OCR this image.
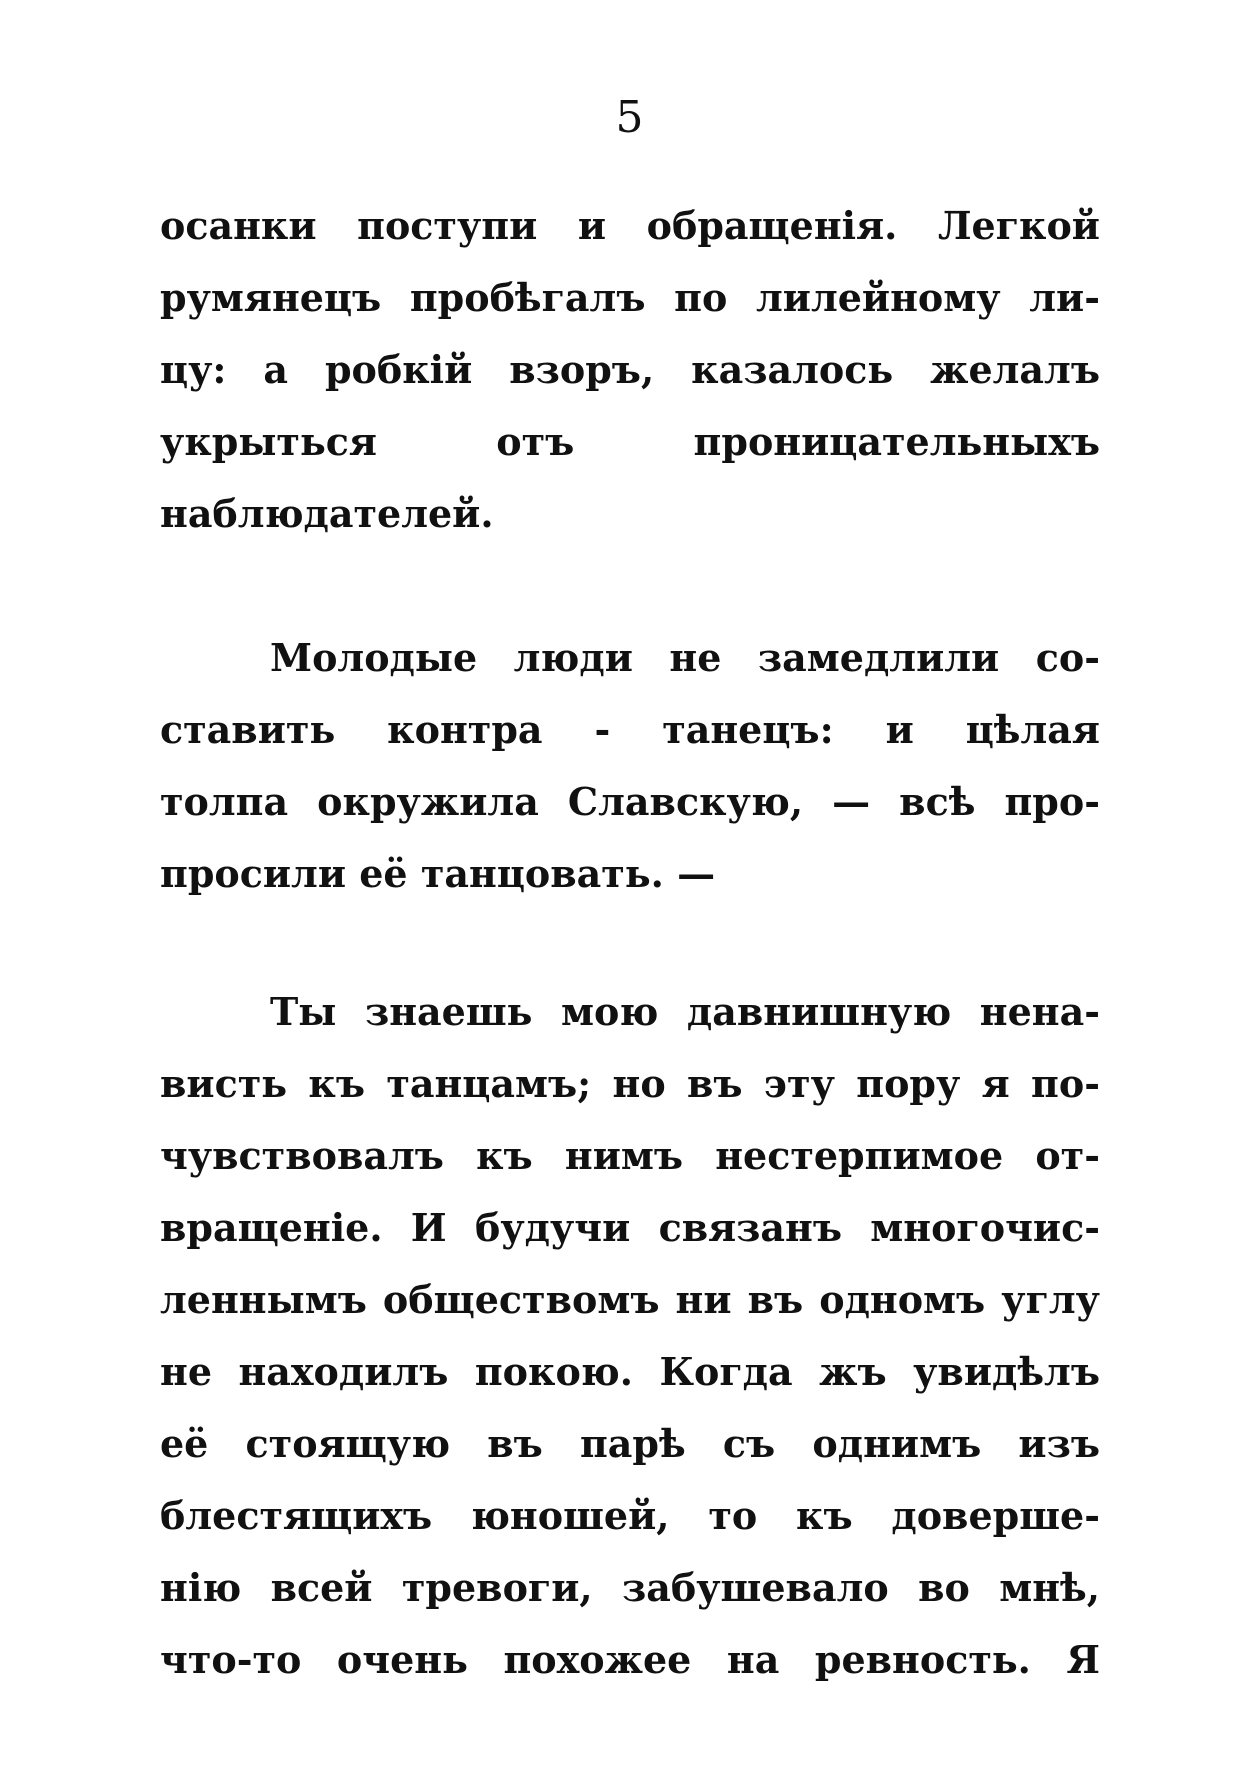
5
осанки поступи и обращенія. Легкой
румянецъ пробѣгалъ по лилейному ли-
цу: а робкій взоръ, казалось желалъ
укрыться отъ проницательныхъ
наблюдателей.
Молодые люди не замедлили со-
ставить контра - танецъ: и цѣлая
толпа окружила Славскую, — всѣ про-
просили её танцовать. —
Ты знаешь мою давнишную нена-
висть къ танцамъ; но въ эту пору я по-
чувствовалъ къ нимъ нестерпимое от-
вращеніе. И будучи связанъ многочис-
леннымъ обществомъ ни въ одномъ углу
не находилъ покою. Когда жъ увидѣлъ
её стоящую въ парѣ съ однимъ изъ
блестящихъ юношей, то къ доверше-
нію всей тревоги, забушевало во мнѣ,
что-то очень похожее на ревность. Я
